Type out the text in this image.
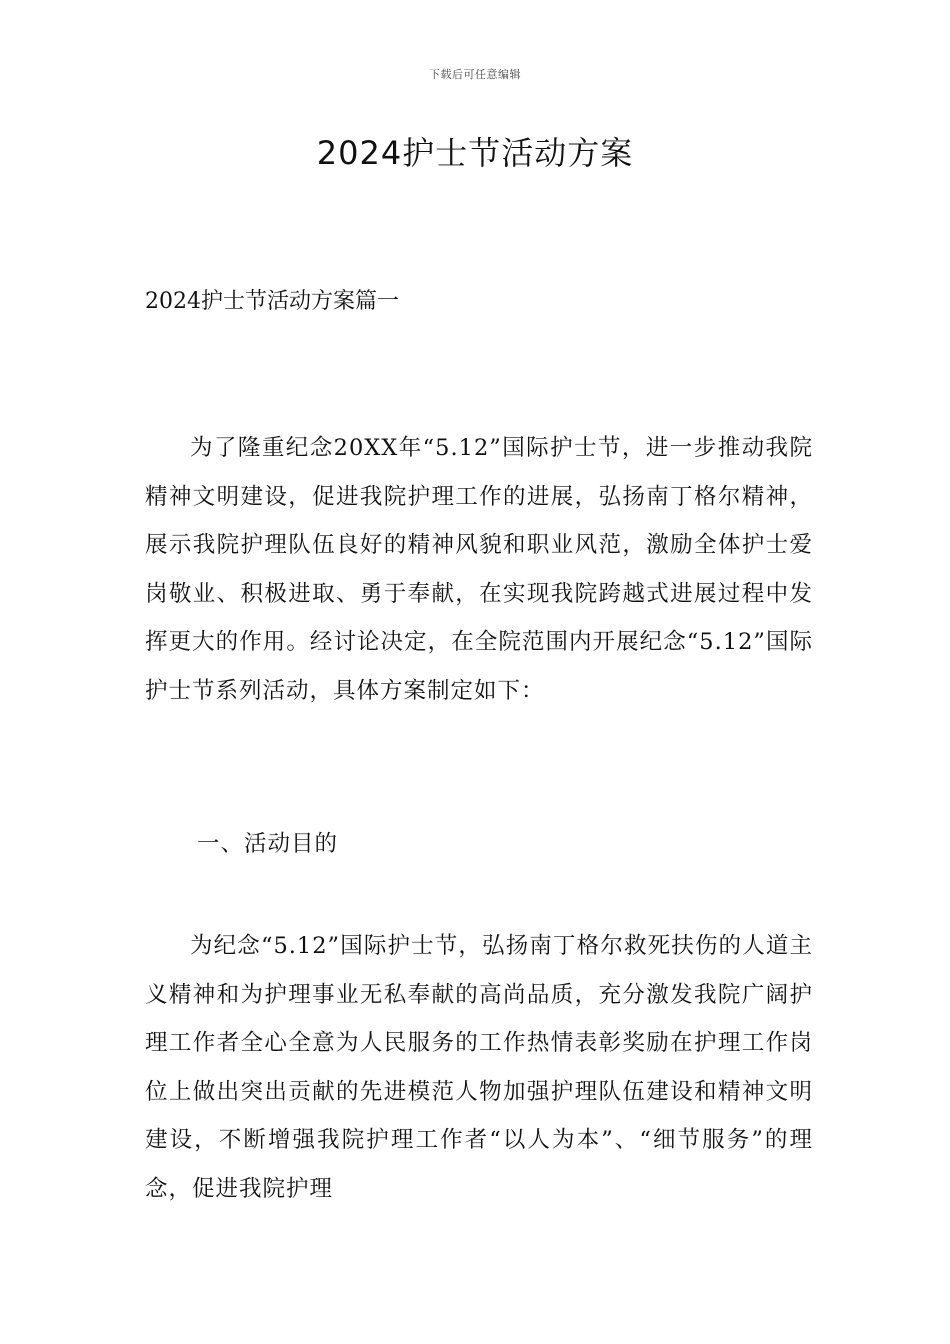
下载后可任意编辑
2024护士节活动方案

2024护士节活动方案篇一

为了隆重纪念20XX年“5.12”国际护士节，进一步推动我院精神文明建设，促进我院护理工作的进展，弘扬南丁格尔精神，展示我院护理队伍良好的精神风貌和职业风范，激励全体护士爱岗敬业、积极进取、勇于奉献，在实现我院跨越式进展过程中发挥更大的作用。经讨论决定，在全院范围内开展纪念“5.12”国际护士节系列活动，具体方案制定如下：

一、活动目的

为纪念“5.12”国际护士节，弘扬南丁格尔救死扶伤的人道主义精神和为护理事业无私奉献的高尚品质，充分激发我院广阔护理工作者全心全意为人民服务的工作热情表彰奖励在护理工作岗位上做出突出贡献的先进模范人物加强护理队伍建设和精神文明建设，不断增强我院护理工作者“以人为本”、“细节服务”的理念，促进我院护理
